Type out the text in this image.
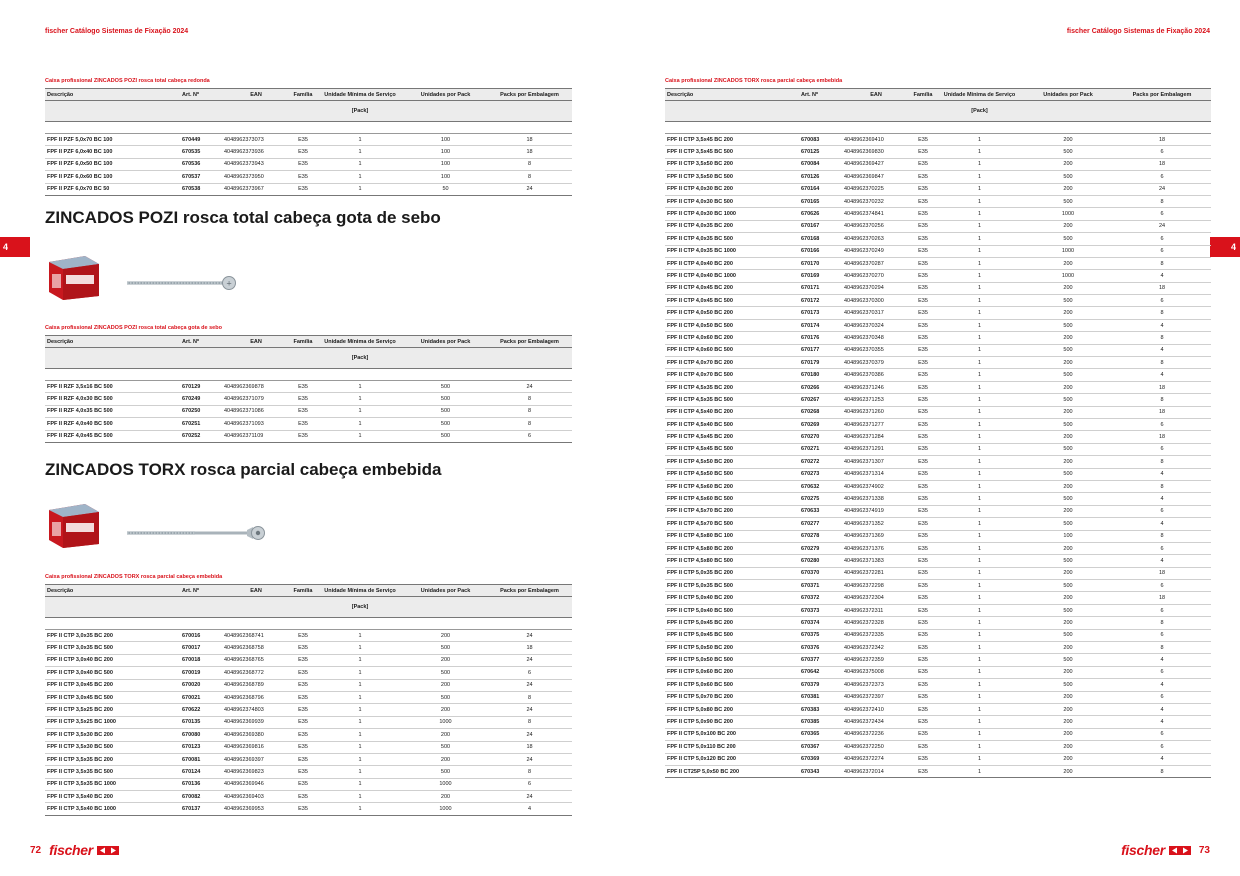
fischer Catálogo Sistemas de Fixação 2024	fischer Catálogo Sistemas de Fixação 2024
4	4
Caixa profissional ZINCADOS POZI rosca total cabeça redonda
Descrição	Art. Nº	EAN	Família	Unidade Mínima de Serviço	Unidades por Pack	Packs por Embalagem
				[Pack]		

FPF II PZF 5,0x70 BC 100	670449	4048962373073	E35	1	100	18
FPF II PZF 6,0x40 BC 100	670535	4048962373936	E35	1	100	18
FPF II PZF 6,0x50 BC 100	670536	4048962373943	E35	1	100	8
FPF II PZF 6,0x60 BC 100	670537	4048962373950	E35	1	100	8
FPF II PZF 6,0x70 BC 50	670538	4048962373967	E35	1	50	24
ZINCADOS POZI rosca total cabeça gota de sebo
+
Caixa profissional ZINCADOS POZI rosca total cabeça gota de sebo
Descrição	Art. Nº	EAN	Família	Unidade Mínima de Serviço	Unidades por Pack	Packs por Embalagem
				[Pack]		

FPF II RZF 3,5x16 BC 500	670129	4048962369878	E35	1	500	24
FPF II RZF 4,0x30 BC 500	670249	4048962371079	E35	1	500	8
FPF II RZF 4,0x35 BC 500	670250	4048962371086	E35	1	500	8
FPF II RZF 4,0x40 BC 500	670251	4048962371093	E35	1	500	8
FPF II RZF 4,0x45 BC 500	670252	4048962371109	E35	1	500	6
ZINCADOS TORX rosca parcial cabeça embebida
Caixa profissional ZINCADOS TORX rosca parcial cabeça embebida
Descrição	Art. Nº	EAN	Família	Unidade Mínima de Serviço	Unidades por Pack	Packs por Embalagem
				[Pack]		

FPF II CTP 3,0x35 BC 200	670016	4048962368741	E35	1	200	24
FPF II CTP 3,0x35 BC 500	670017	4048962368758	E35	1	500	18
FPF II CTP 3,0x40 BC 200	670018	4048962368765	E35	1	200	24
FPF II CTP 3,0x40 BC 500	670019	4048962368772	E35	1	500	6
FPF II CTP 3,0x45 BC 200	670020	4048962368789	E35	1	200	24
FPF II CTP 3,0x45 BC 500	670021	4048962368796	E35	1	500	8
FPF II CTP 3,5x25 BC 200	670622	4048962374803	E35	1	200	24
FPF II CTP 3,5x25 BC 1000	670135	4048962369939	E35	1	1000	8
FPF II CTP 3,5x30 BC 200	670080	4048962369380	E35	1	200	24
FPF II CTP 3,5x30 BC 500	670123	4048962369816	E35	1	500	18
FPF II CTP 3,5x35 BC 200	670081	4048962369397	E35	1	200	24
FPF II CTP 3,5x35 BC 500	670124	4048962369823	E35	1	500	8
FPF II CTP 3,5x35 BC 1000	670136	4048962369946	E35	1	1000	6
FPF II CTP 3,5x40 BC 200	670082	4048962369403	E35	1	200	24
FPF II CTP 3,5x40 BC 1000	670137	4048962369953	E35	1	1000	4
Caixa profissional ZINCADOS TORX rosca parcial cabeça embebida
Descrição	Art. Nº	EAN	Família	Unidade Mínima de Serviço	Unidades por Pack	Packs por Embalagem
				[Pack]		

FPF II CTP 3,5x45 BC 200	670083	4048962369410	E35	1	200	18
FPF II CTP 3,5x45 BC 500	670125	4048962369830	E35	1	500	6
FPF II CTP 3,5x50 BC 200	670084	4048962369427	E35	1	200	18
FPF II CTP 3,5x50 BC 500	670126	4048962369847	E35	1	500	6
FPF II CTP 4,0x30 BC 200	670164	4048962370225	E35	1	200	24
FPF II CTP 4,0x30 BC 500	670165	4048962370232	E35	1	500	8
FPF II CTP 4,0x30 BC 1000	670626	4048962374841	E35	1	1000	6
FPF II CTP 4,0x35 BC 200	670167	4048962370256	E35	1	200	24
FPF II CTP 4,0x35 BC 500	670168	4048962370263	E35	1	500	6
FPF II CTP 4,0x35 BC 1000	670166	4048962370249	E35	1	1000	6
FPF II CTP 4,0x40 BC 200	670170	4048962370287	E35	1	200	8
FPF II CTP 4,0x40 BC 1000	670169	4048962370270	E35	1	1000	4
FPF II CTP 4,0x45 BC 200	670171	4048962370294	E35	1	200	18
FPF II CTP 4,0x45 BC 500	670172	4048962370300	E35	1	500	6
FPF II CTP 4,0x50 BC 200	670173	4048962370317	E35	1	200	8
FPF II CTP 4,0x50 BC 500	670174	4048962370324	E35	1	500	4
FPF II CTP 4,0x60 BC 200	670176	4048962370348	E35	1	200	8
FPF II CTP 4,0x60 BC 500	670177	4048962370355	E35	1	500	4
FPF II CTP 4,0x70 BC 200	670179	4048962370379	E35	1	200	8
FPF II CTP 4,0x70 BC 500	670180	4048962370386	E35	1	500	4
FPF II CTP 4,5x35 BC 200	670266	4048962371246	E35	1	200	18
FPF II CTP 4,5x35 BC 500	670267	4048962371253	E35	1	500	8
FPF II CTP 4,5x40 BC 200	670268	4048962371260	E35	1	200	18
FPF II CTP 4,5x40 BC 500	670269	4048962371277	E35	1	500	6
FPF II CTP 4,5x45 BC 200	670270	4048962371284	E35	1	200	18
FPF II CTP 4,5x45 BC 500	670271	4048962371291	E35	1	500	6
FPF II CTP 4,5x50 BC 200	670272	4048962371307	E35	1	200	8
FPF II CTP 4,5x50 BC 500	670273	4048962371314	E35	1	500	4
FPF II CTP 4,5x60 BC 200	670632	4048962374902	E35	1	200	8
FPF II CTP 4,5x60 BC 500	670275	4048962371338	E35	1	500	4
FPF II CTP 4,5x70 BC 200	670633	4048962374919	E35	1	200	6
FPF II CTP 4,5x70 BC 500	670277	4048962371352	E35	1	500	4
FPF II CTP 4,5x80 BC 100	670278	4048962371369	E35	1	100	8
FPF II CTP 4,5x80 BC 200	670279	4048962371376	E35	1	200	6
FPF II CTP 4,5x80 BC 500	670280	4048962371383	E35	1	500	4
FPF II CTP 5,0x35 BC 200	670370	4048962372281	E35	1	200	18
FPF II CTP 5,0x35 BC 500	670371	4048962372298	E35	1	500	6
FPF II CTP 5,0x40 BC 200	670372	4048962372304	E35	1	200	18
FPF II CTP 5,0x40 BC 500	670373	4048962372311	E35	1	500	6
FPF II CTP 5,0x45 BC 200	670374	4048962372328	E35	1	200	8
FPF II CTP 5,0x45 BC 500	670375	4048962372335	E35	1	500	6
FPF II CTP 5,0x50 BC 200	670376	4048962372342	E35	1	200	8
FPF II CTP 5,0x50 BC 500	670377	4048962372359	E35	1	500	4
FPF II CTP 5,0x60 BC 200	670642	4048962375008	E35	1	200	6
FPF II CTP 5,0x60 BC 500	670379	4048962372373	E35	1	500	4
FPF II CTP 5,0x70 BC 200	670381	4048962372397	E35	1	200	6
FPF II CTP 5,0x80 BC 200	670383	4048962372410	E35	1	200	4
FPF II CTP 5,0x90 BC 200	670385	4048962372434	E35	1	200	4
FPF II CTP 5,0x100 BC 200	670365	4048962372236	E35	1	200	6
FPF II CTP 5,0x110 BC 200	670367	4048962372250	E35	1	200	6
FPF II CTP 5,0x120 BC 200	670369	4048962372274	E35	1	200	4
FPF II CT25P 5,0x50 BC 200	670343	4048962372014	E35	1	200	8
72 fischer	fischer	73
